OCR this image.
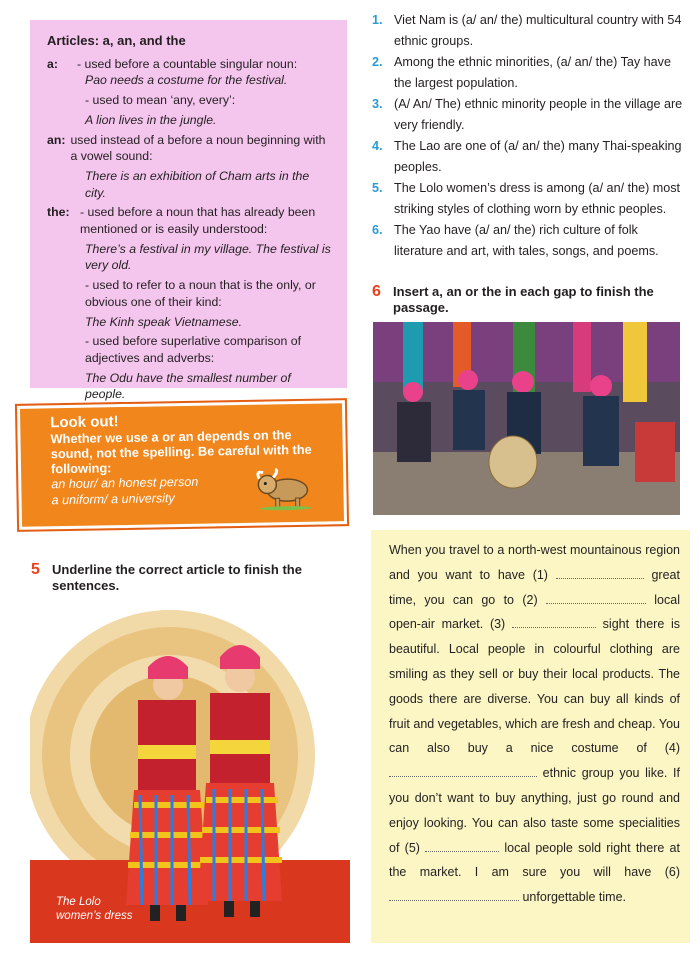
Articles: a, an, and the
a:	- used before a countable singular noun:
Pao needs a costume for the festival.
- used to mean ‘any, every’:
A lion lives in the jungle.
an: used instead of a before a noun beginning with a vowel sound:
There is an exhibition of Cham arts in the city.
the: - used before a noun that has already been mentioned or is easily understood:
There’s a festival in my village. The festival is very old.
- used to refer to a noun that is the only, or obvious one of their kind:
The Kinh speak Vietnamese.
- used before superlative comparison of adjectives and adverbs:
The Odu have the smallest number of people.
Look out!
Whether we use a or an depends on the sound, not the spelling. Be careful with the following:
an hour/ an honest person
a uniform/ a university
5 Underline the correct article to finish the sentences.
The Lolo
women’s dress
1. Viet Nam is (a/ an/ the) multicultural country with 54 ethnic groups.
2. Among the ethnic minorities, (a/ an/ the) Tay have the largest population.
3. (A/ An/ The) ethnic minority people in the village are very friendly.
4. The Lao are one of (a/ an/ the) many Thai-speaking peoples.
5. The Lolo women’s dress is among (a/ an/ the) most striking styles of clothing worn by ethnic peoples.
6. The Yao have (a/ an/ the) rich culture of folk literature and art, with tales, songs, and poems.
6 Insert a, an or the in each gap to finish the passage.
When you travel to a north-west mountainous region and you want to have (1)	great time, you can go to (2)	local open-air market. (3)	sight there is beautiful. Local people in colourful clothing are smiling as they sell or buy their local products. The goods there are diverse. You can buy all kinds of fruit and vegetables, which are fresh and cheap. You can also buy a nice costume of (4)  ethnic group you like. If you don’t want to buy anything, just go round and enjoy looking. You can also taste some specialities of (5)	local people sold right there at the market. I am sure you will have (6)  unforgettable time.
